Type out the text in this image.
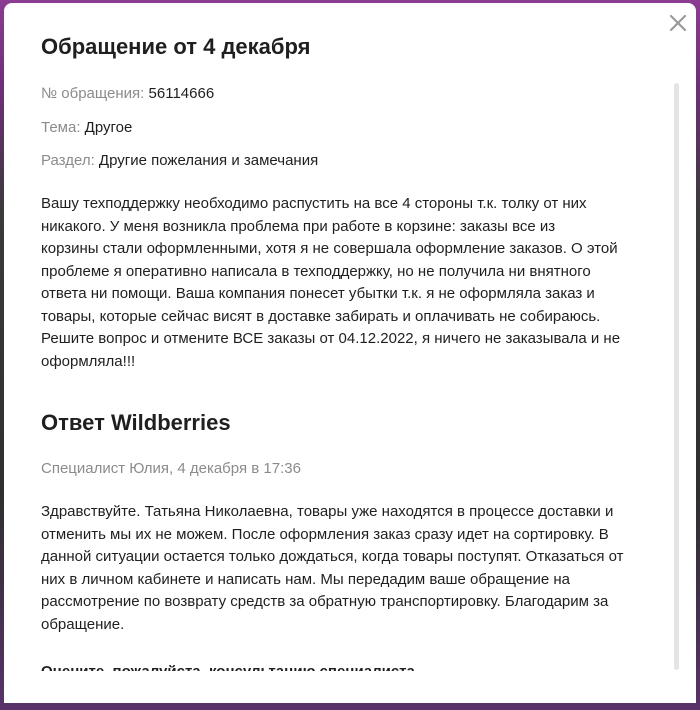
Обращение от 4 декабря
№ обращения: 56114666
Тема: Другое
Раздел: Другие пожелания и замечания
Вашу техподдержку необходимо распустить на все 4 стороны т.к. толку от них
никакого. У меня возникла проблема при работе в корзине: заказы все из
корзины стали оформленными, хотя я не совершала оформление заказов. О этой
проблеме я оперативно написала в техподдержку, но не получила ни внятного
ответа ни помощи. Ваша компания понесет убытки т.к. я не оформляла заказ и
товары, которые сейчас висят в доставке забирать и оплачивать не собираюсь.
Решите вопрос и отмените ВСЕ заказы от 04.12.2022, я ничего не заказывала и не
оформляла!!!
Ответ Wildberries
Специалист Юлия, 4 декабря в 17:36
Здравствуйте. Татьяна Николаевна, товары уже находятся в процессе доставки и
отменить мы их не можем. После оформления заказ сразу идет на сортировку. В
данной ситуации остается только дождаться, когда товары поступят. Отказаться от
них в личном кабинете и написать нам. Мы передадим ваше обращение на
рассмотрение по возврату средств за обратную транспортировку. Благодарим за
обращение.
